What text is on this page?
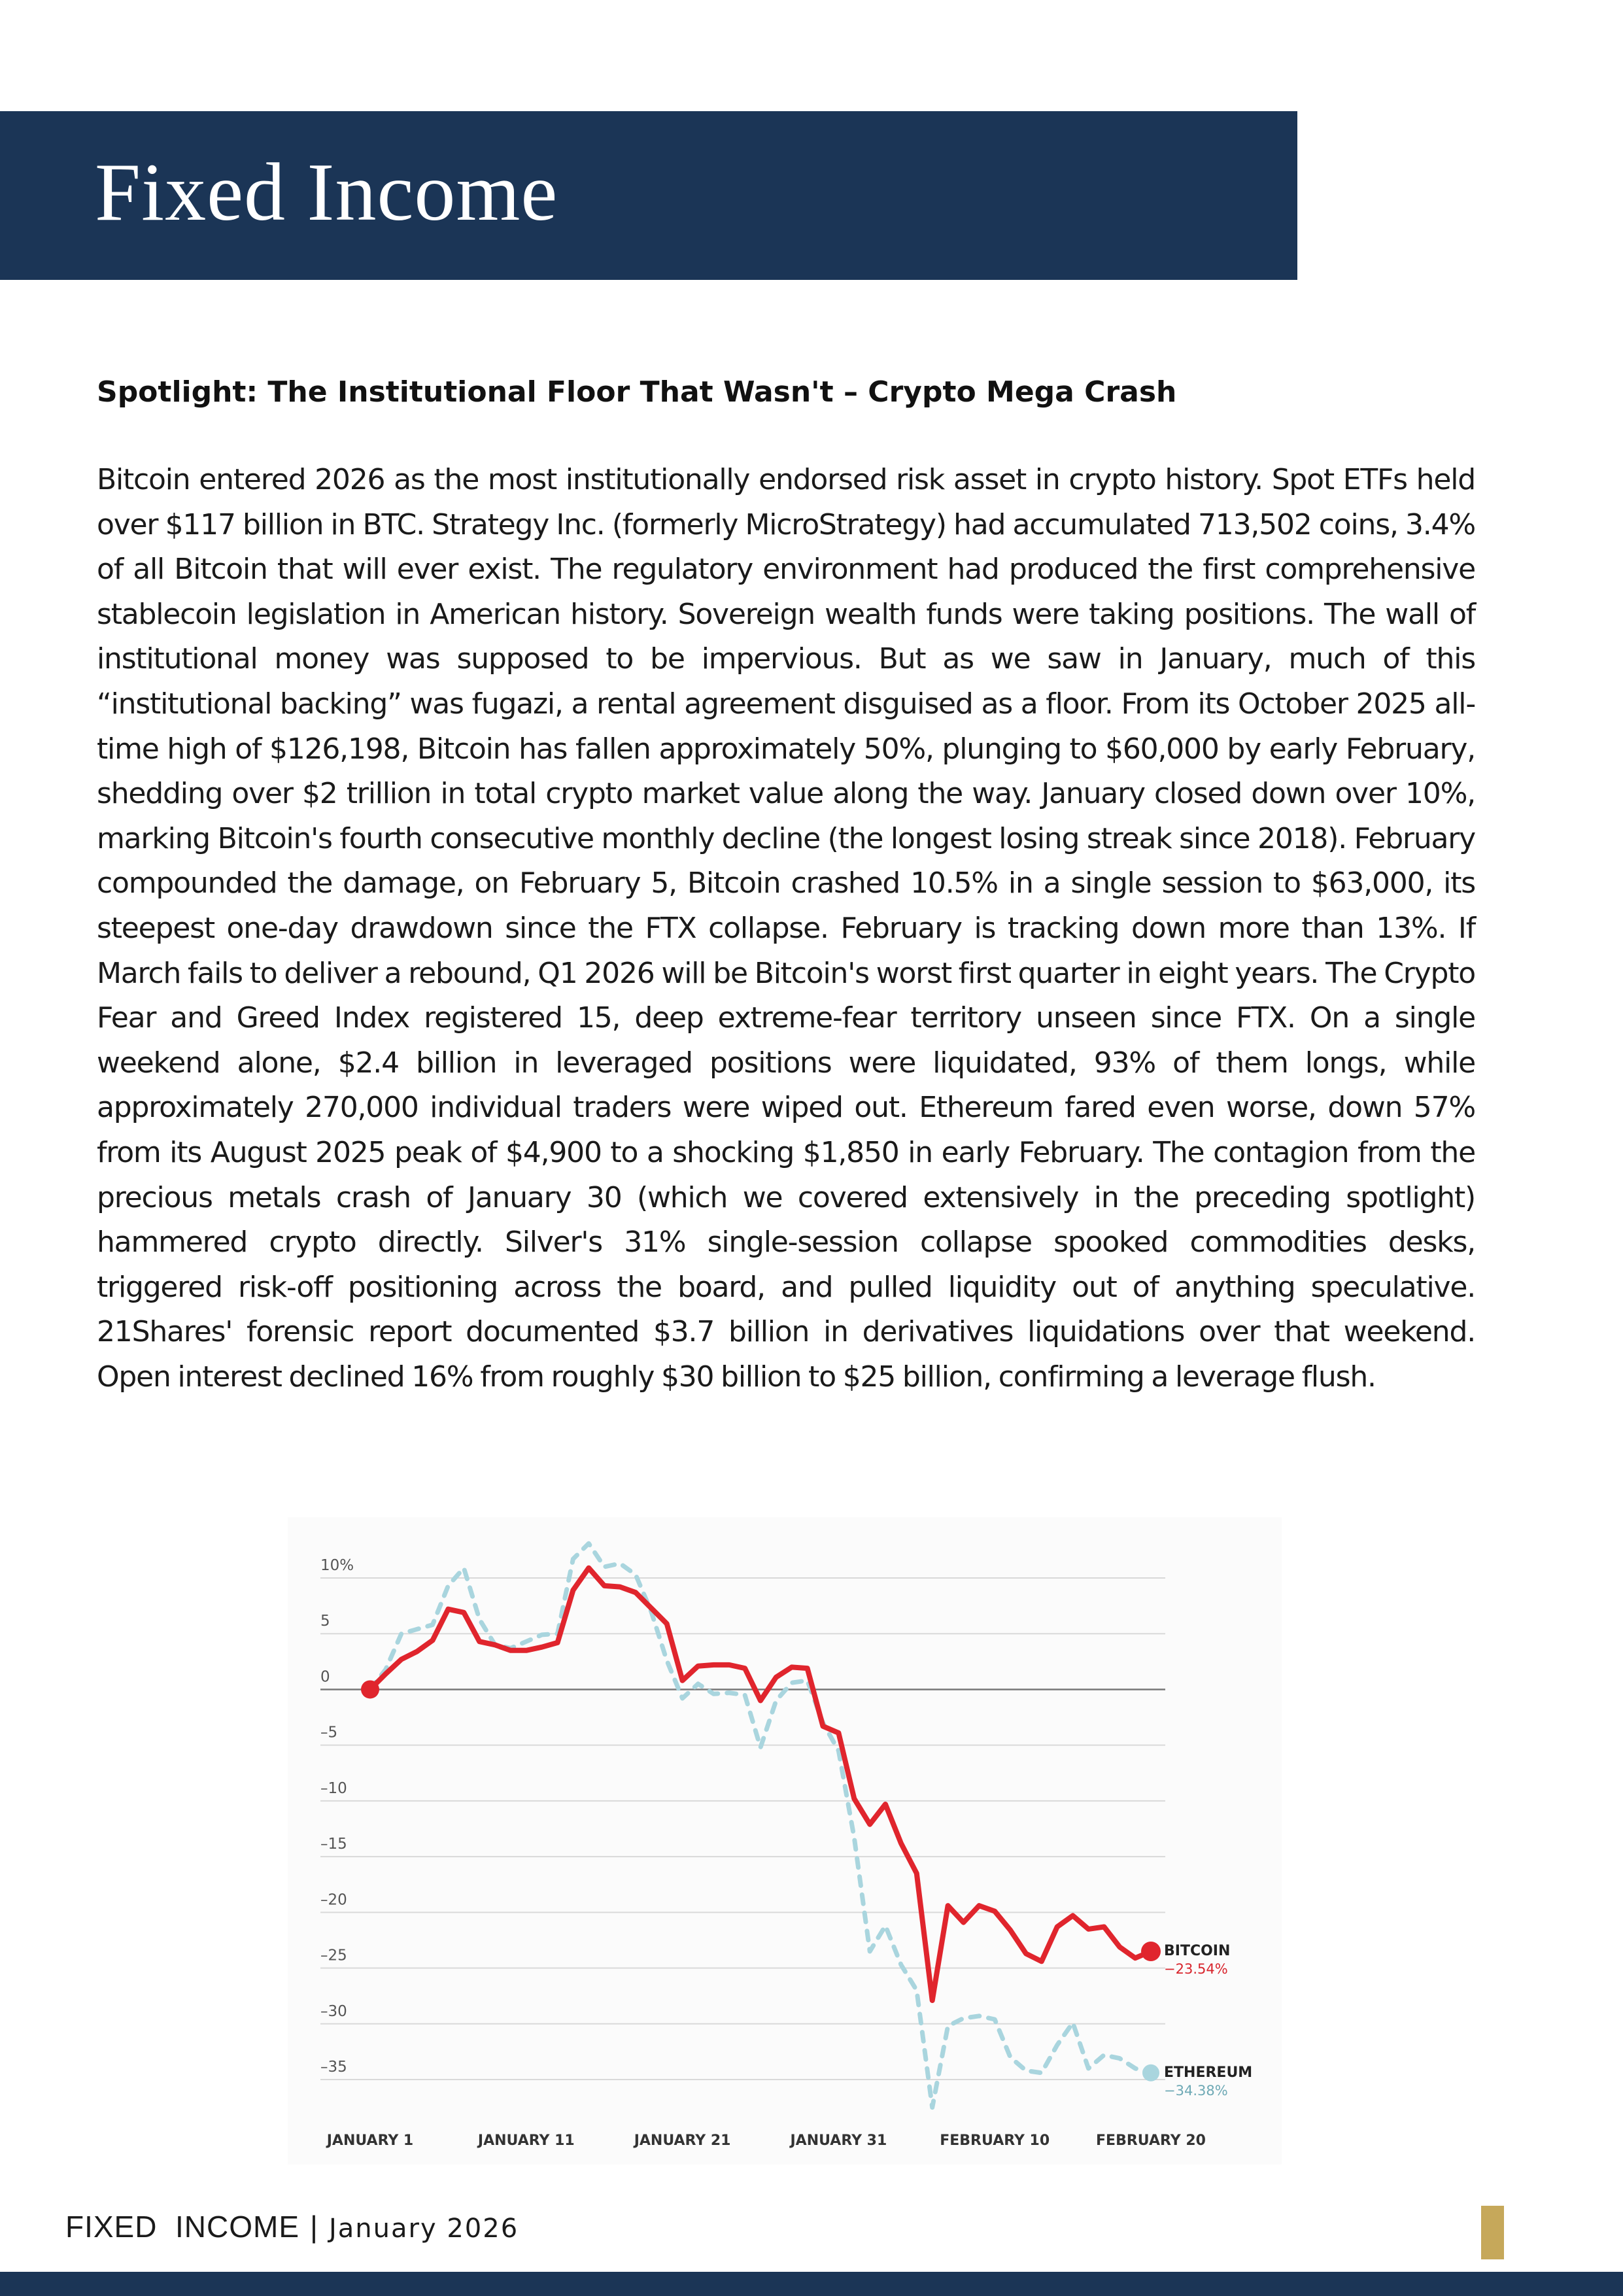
Fixed Income
Spotlight: The Institutional Floor That Wasn't – Crypto Mega Crash

Bitcoin entered 2026 as the most institutionally endorsed risk asset in crypto history. Spot ETFs held over $117 billion in BTC. Strategy Inc. (formerly MicroStrategy) had accumulated 713,502 coins, 3.4% of all Bitcoin that will ever exist. The regulatory environment had produced the first comprehensive stablecoin legislation in American history. Sovereign wealth funds were taking positions. The wall of institutional money was supposed to be impervious. But as we saw in January, much of this “institutional backing” was fugazi, a rental agreement disguised as a floor. From its October 2025 all-time high of $126,198, Bitcoin has fallen approximately 50%, plunging to $60,000 by early February, shedding over $2 trillion in total crypto market value along the way. January closed down over 10%, marking Bitcoin's fourth consecutive monthly decline (the longest losing streak since 2018). February compounded the damage, on February 5, Bitcoin crashed 10.5% in a single session to $63,000, its steepest one-day drawdown since the FTX collapse. February is tracking down more than 13%. If March fails to deliver a rebound, Q1 2026 will be Bitcoin's worst first quarter in eight years. The Crypto Fear and Greed Index registered 15, deep extreme-fear territory unseen since FTX. On a single weekend alone, $2.4 billion in leveraged positions were liquidated, 93% of them longs, while approximately 270,000 individual traders were wiped out. Ethereum fared even worse, down 57% from its August 2025 peak of $4,900 to a shocking $1,850 in early February. The contagion from the precious metals crash of January 30 (which we covered extensively in the preceding spotlight) hammered crypto directly. Silver's 31% single-session collapse spooked commodities desks, triggered risk-off positioning across the board, and pulled liquidity out of anything speculative. 21Shares' forensic report documented $3.7 billion in derivatives liquidations over that weekend. Open interest declined 16% from roughly $30 billion to $25 billion, confirming a leverage flush.

10%
5
0
–5
–10
–15
–20
–25
–30
–35
JANUARY 1	JANUARY 11	JANUARY 21	JANUARY 31	FEBRUARY 10	FEBRUARY 20
ETHEREUM
−34.38%
BITCOIN
−23.54%

FIXED  INCOME | January 2026
